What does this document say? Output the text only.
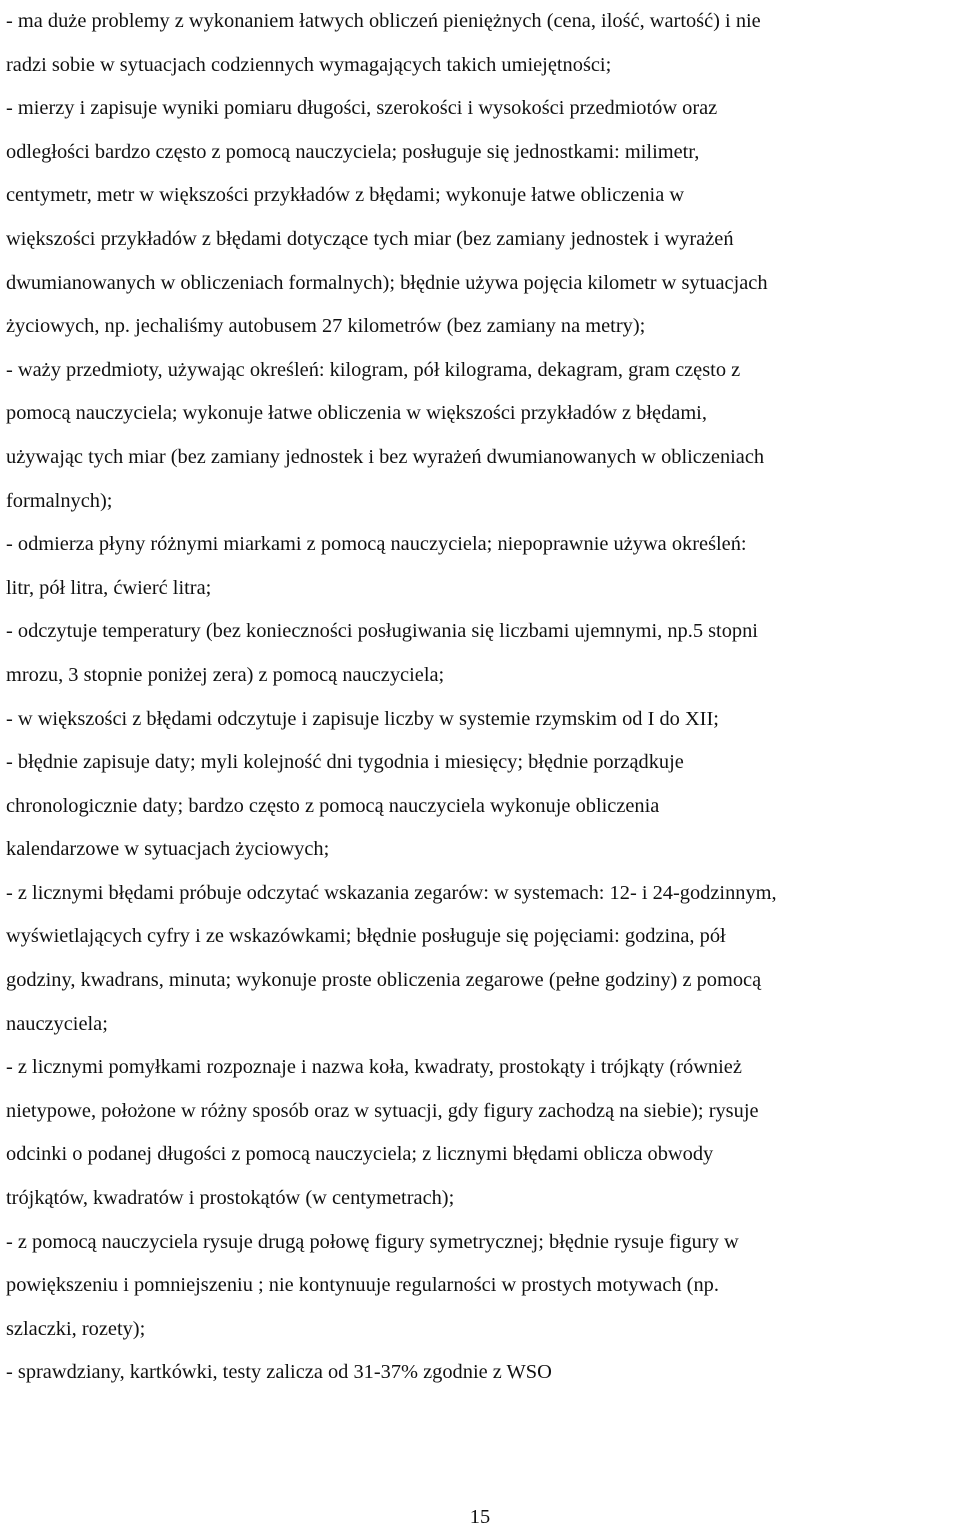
- ma duże problemy z wykonaniem łatwych obliczeń pieniężnych (cena, ilość, wartość) i nie
radzi sobie w sytuacjach codziennych wymagających takich umiejętności;
- mierzy i zapisuje wyniki pomiaru długości, szerokości i wysokości przedmiotów oraz
odległości bardzo często z pomocą nauczyciela; posługuje się jednostkami: milimetr,
centymetr, metr w większości przykładów z błędami; wykonuje łatwe obliczenia w
większości przykładów z błędami dotyczące tych miar (bez zamiany jednostek i wyrażeń
dwumianowanych w obliczeniach formalnych); błędnie używa pojęcia kilometr w sytuacjach
życiowych, np. jechaliśmy autobusem 27 kilometrów (bez zamiany na metry);
- waży przedmioty, używając określeń: kilogram, pół kilograma, dekagram, gram często z
pomocą nauczyciela; wykonuje łatwe obliczenia w większości przykładów z błędami,
używając tych miar (bez zamiany jednostek i bez wyrażeń dwumianowanych w obliczeniach
formalnych);
- odmierza płyny różnymi miarkami z pomocą nauczyciela; niepoprawnie używa określeń:
litr, pół litra, ćwierć litra;
- odczytuje temperatury (bez konieczności posługiwania się liczbami ujemnymi, np.5 stopni
mrozu, 3 stopnie poniżej zera) z pomocą nauczyciela;
- w większości z błędami odczytuje i zapisuje liczby w systemie rzymskim od I do XII;
- błędnie zapisuje daty; myli kolejność dni tygodnia i miesięcy; błędnie porządkuje
chronologicznie daty; bardzo często z pomocą nauczyciela wykonuje obliczenia
kalendarzowe w sytuacjach życiowych;
- z licznymi błędami próbuje odczytać wskazania zegarów: w systemach: 12- i 24-godzinnym,
wyświetlających cyfry i ze wskazówkami; błędnie posługuje się pojęciami: godzina, pół
godziny, kwadrans, minuta; wykonuje proste obliczenia zegarowe (pełne godziny) z pomocą
nauczyciela;
- z licznymi pomyłkami rozpoznaje i nazwa koła, kwadraty, prostokąty i trójkąty (również
nietypowe, położone w różny sposób oraz w sytuacji, gdy figury zachodzą na siebie); rysuje
odcinki o podanej długości z pomocą nauczyciela; z licznymi błędami oblicza obwody
trójkątów, kwadratów i prostokątów (w centymetrach);
- z pomocą nauczyciela rysuje drugą połowę figury symetrycznej; błędnie rysuje figury w
powiększeniu i pomniejszeniu ; nie kontynuuje regularności w prostych motywach (np.
szlaczki, rozety);
- sprawdziany, kartkówki, testy zalicza od 31-37% zgodnie z WSO
15
